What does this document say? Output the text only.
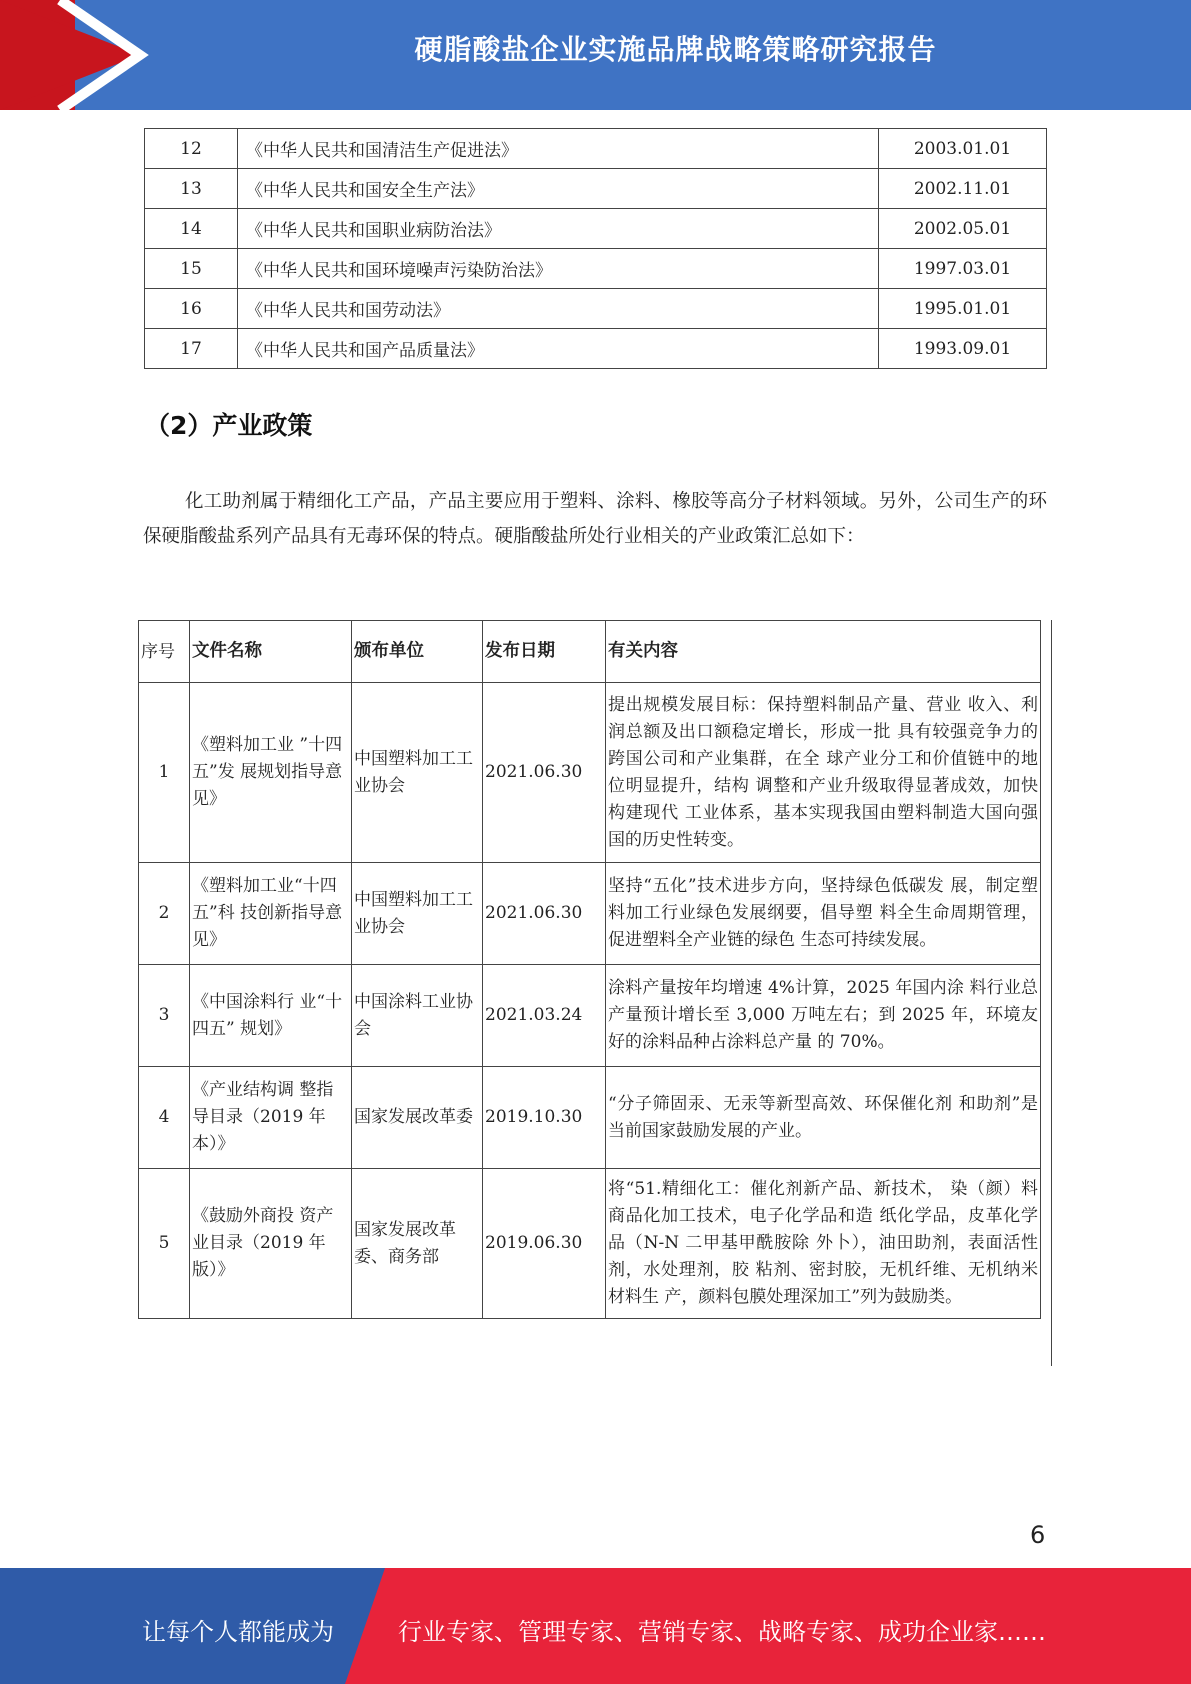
硬脂酸盐企业实施品牌战略策略研究报告
12	《中华人民共和国清洁生产促进法》	2003.01.01
13	《中华人民共和国安全生产法》	2002.11.01
14	《中华人民共和国职业病防治法》	2002.05.01
15	《中华人民共和国环境噪声污染防治法》	1997.03.01
16	《中华人民共和国劳动法》	1995.01.01
17	《中华人民共和国产品质量法》	1993.09.01
（2）产业政策
化工助剂属于精细化工产品，产品主要应用于塑料、涂料、橡胶等高分子材料领域。另外，公司生产的环保硬脂酸盐系列产品具有无毒环保的特点。硬脂酸盐所处行业相关的产业政策汇总如下：
序号	文件名称	颁布单位	发布日期	有关内容
1	《塑料加工业 ”十四五”发 展规划指导意 见》	中国塑料加工工业协会	2021.06.30	提出规模发展目标：保持塑料制品产量、营业 收入、利润总额及出口额稳定增长，形成一批 具有较强竞争力的跨国公司和产业集群，在全 球产业分工和价值链中的地位明显提升，结构 调整和产业升级取得显著成效，加快构建现代 工业体系，基本实现我国由塑料制造大国向强 国的历史性转变。
2	《塑料加工业“十四五”科 技创新指导意 见》	中国塑料加工工业协会	2021.06.30	坚持“五化”技术进步方向，坚持绿色低碳发 展，制定塑料加工行业绿色发展纲要，倡导塑 料全生命周期管理，促进塑料全产业链的绿色 生态可持续发展。
3	《中国涂料行 业“十四五” 规划》	中国涂料工业协会	2021.03.24	涂料产量按年均增速 4%计算，2025 年国内涂 料行业总产量预计增长至 3,000 万吨左右；到 2025 年，环境友好的涂料品种占涂料总产量 的 70%。
4	《产业结构调 整指导目录（2019 年本）》	国家发展改革委	2019.10.30	“分子筛固汞、无汞等新型高效、环保催化剂 和助剂”是当前国家鼓励发展的产业。
5	《鼓励外商投 资产业目录（2019 年版）》	国家发展改革委、商务部	2019.06.30	将“51.精细化工：催化剂新产品、新技术， 染（颜）料商品化加工技术，电子化学品和造 纸化学品，皮革化学品（N-N 二甲基甲酰胺除 外卜），油田助剂，表面活性剂，水处理剂，胶 粘剂、密封胶，无机纤维、无机纳米材料生 产，颜料包膜处理深加工”列为鼓励类。
6
让每个人都能成为	行业专家、管理专家、营销专家、战略专家、成功企业家……
